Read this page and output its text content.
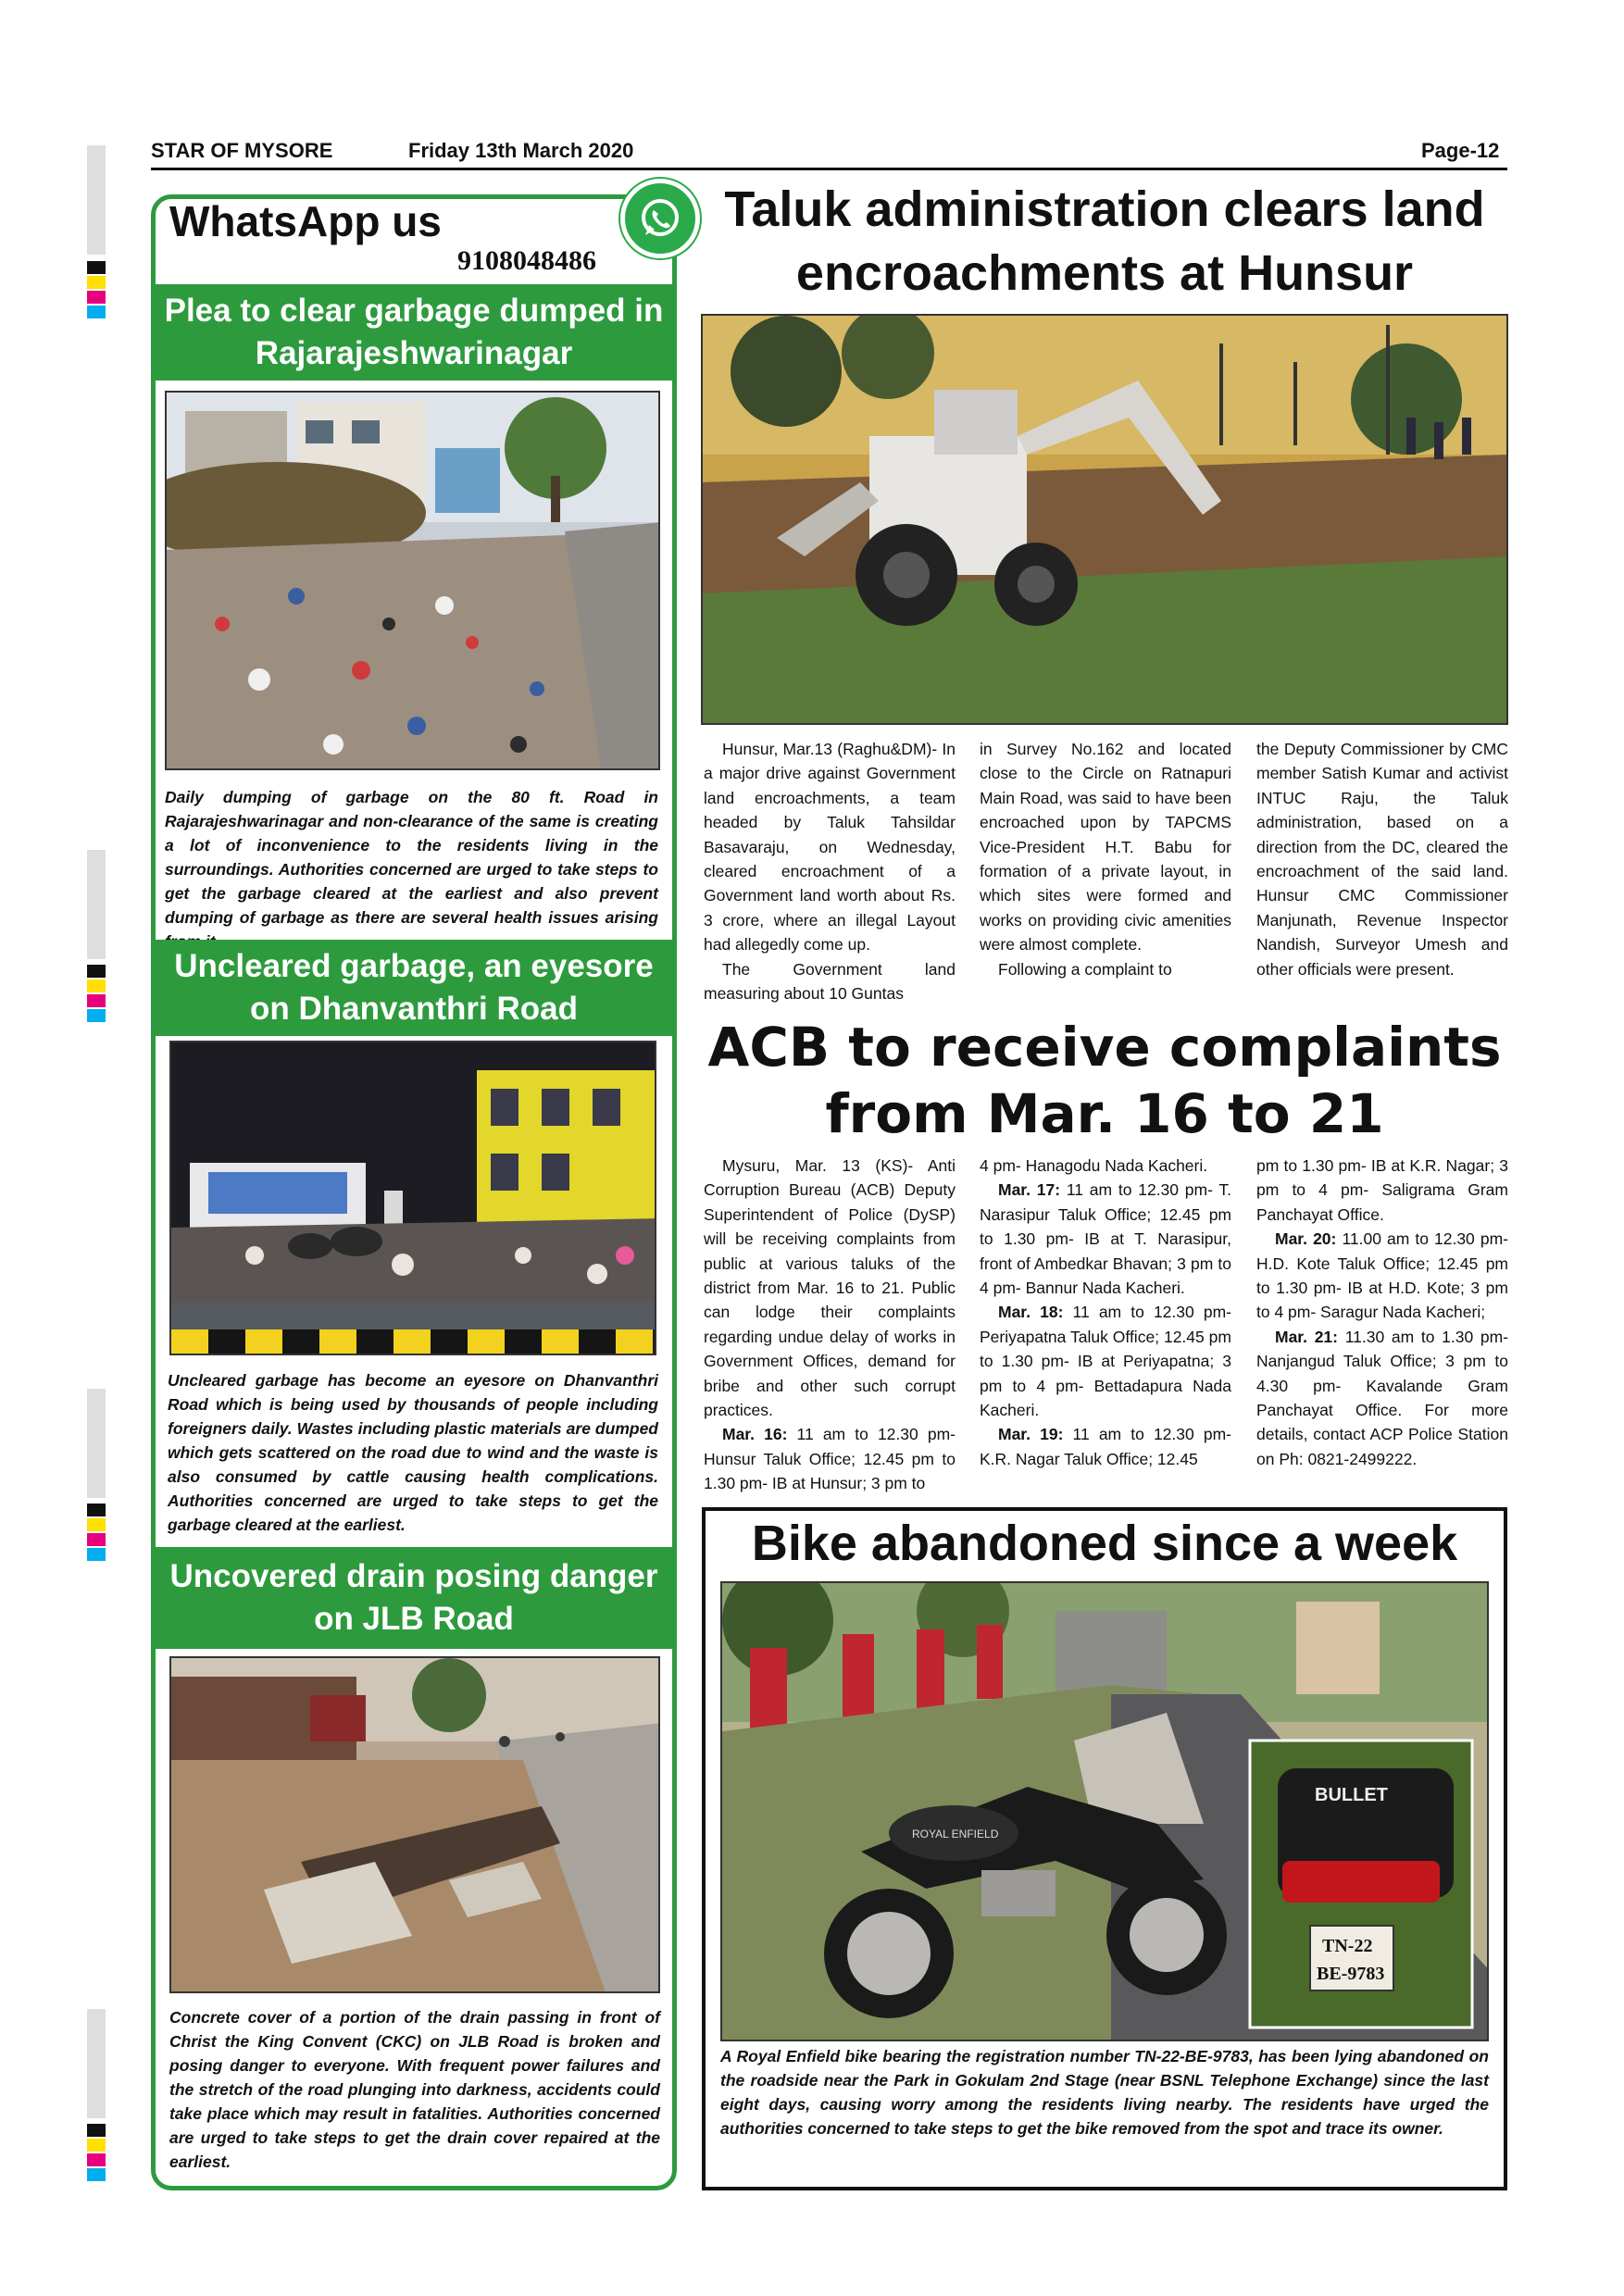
STAR OF MYSORE	Friday 13th March 2020	Page-12
WhatsApp us
9108048486
Plea to clear garbage dumped in Rajarajeshwarinagar
Daily dumping of garbage on the 80 ft. Road in Rajarajeshwarinagar and non-clearance of the same is creating a lot of inconvenience to the residents living in the surroundings. Authorities concerned are urged to take steps to get the garbage cleared at the earliest and also prevent dumping of garbage as there are several health issues arising
Uncleared garbage, an eyesore on Dhanvanthri Road
Uncleared garbage has become an eyesore on Dhanvanthri Road which is being used by thousands of people including foreigners daily. Wastes including plastic materials are dumped which gets scattered on the road due to wind and the waste is also consumed by cattle causing health complications. Authorities concerned are urged to take steps to get the garbage cleared at the earliest.
Uncovered drain posing danger on JLB Road
Concrete cover of a portion of the drain passing in front of Christ the King Convent (CKC) on JLB Road is broken and posing danger to everyone. With frequent power failures and the stretch of the road plunging into darkness, accidents could take place which may result in fatalities. Authorities concerned are urged to take steps to get the drain cover repaired at the earliest.
Taluk administration clears land encroachments at Hunsur

Hunsur, Mar.13 (Raghu&DM)- In a major drive against Government land encroachments, a team headed by Taluk Tahsildar Basavaraju, on Wednesday, cleared encroachment of a Government land worth about Rs. 3 crore, where an illegal Layout had allegedly come up.

The Government land measuring about 10 Guntas

in Survey No.162 and located close to the Circle on Ratnapuri Main Road, was said to have been encroached upon by TAPCMS Vice-President H.T. Babu for formation of a private layout, in which sites were formed and works on providing civic amenities were almost complete.

Following a complaint to

the Deputy Commissioner by CMC member Satish Kumar and activist INTUC Raju, the Taluk administration, based on a direction from the DC, cleared the encroachment of the said land. Hunsur CMC Commissioner Manjunath, Revenue Inspector Nandish, Surveyor Umesh and other officials were present.

ACB to receive complaints from Mar. 16 to 21

Mysuru, Mar. 13 (KS)- Anti Corruption Bureau (ACB) Deputy Superintendent of Police (DySP) will be receiving complaints from public at various taluks of the district from Mar. 16 to 21. Public can lodge their complaints regarding undue delay of works in Government Offices, demand for bribe and other such corrupt practices.

Mar. 16: 11 am to 12.30 pm- Hunsur Taluk Office; 12.45 pm to 1.30 pm- IB at Hunsur; 3 pm to

4 pm- Hanagodu Nada Kacheri.

Mar. 17: 11 am to 12.30 pm- T. Narasipur Taluk Office; 12.45 pm to 1.30 pm- IB at T. Narasipur, front of Ambedkar Bhavan; 3 pm to 4 pm- Bannur Nada Kacheri.

Mar. 18: 11 am to 12.30 pm- Periyapatna Taluk Office; 12.45 pm to 1.30 pm- IB at Periyapatna; 3 pm to 4 pm- Bettadapura Nada Kacheri.

Mar. 19: 11 am to 12.30 pm- K.R. Nagar Taluk Office; 12.45

pm to 1.30 pm- IB at K.R. Nagar; 3 pm to 4 pm- Saligrama Gram Panchayat Office.

Mar. 20: 11.00 am to 12.30 pm- H.D. Kote Taluk Office; 12.45 pm to 1.30 pm- IB at H.D. Kote; 3 pm to 4 pm- Saragur Nada Kacheri;

Mar. 21: 11.30 am to 1.30 pm- Nanjangud Taluk Office; 3 pm to 4.30 pm- Kavalande Gram Panchayat Office. For more details, contact ACP Police Station on Ph: 0821-2499222.

Bike abandoned since a week
ROYAL ENFIELD
BULLET
TN-22
BE-9783
A Royal Enfield bike bearing the registration number TN-22-BE-9783, has been lying abandoned on the roadside near the Park in Gokulam 2nd Stage (near BSNL Telephone Exchange) since the last eight days, causing worry among the residents living nearby. The residents have urged the authorities concerned to take steps to get the bike removed from the spot and trace its owner.
